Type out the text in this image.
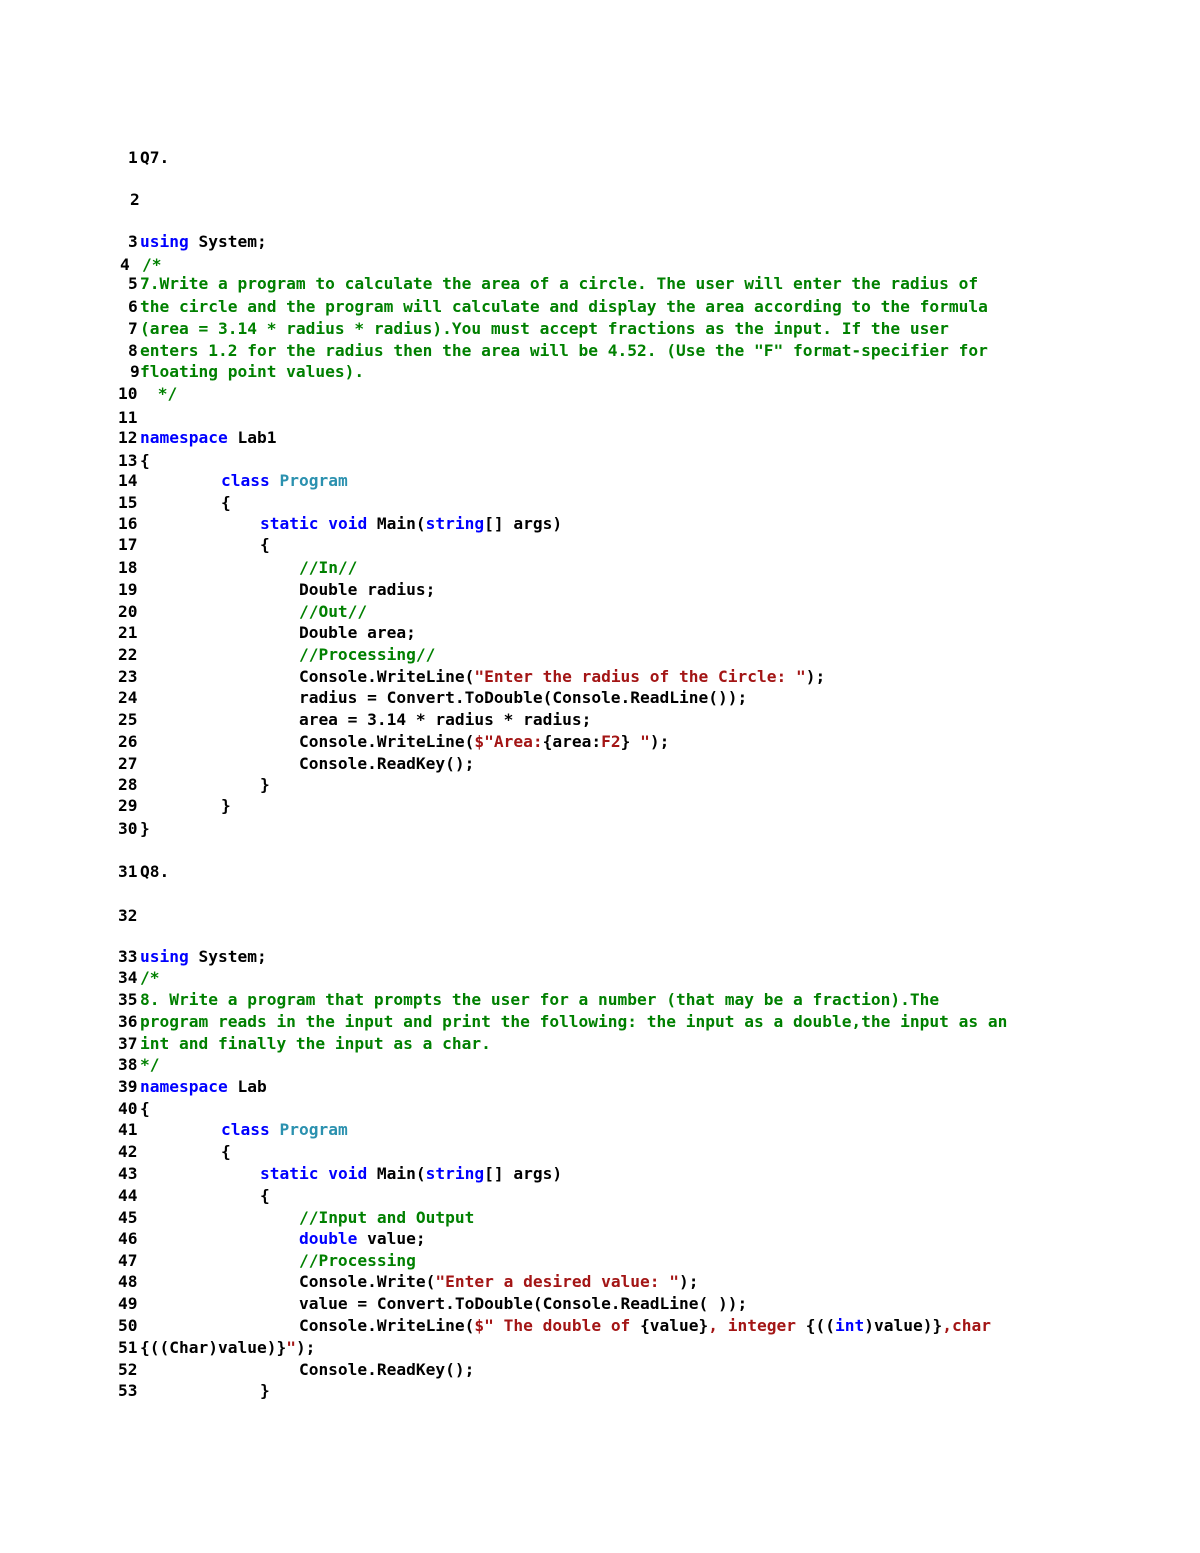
1 Q7.
2
3 using System;
4 /*
5 7.Write a program to calculate the area of a circle. The user will enter the radius of
6 the circle and the program will calculate and display the area according to the formula
7 (area = 3.14 * radius * radius).You must accept fractions as the input. If the user
8 enters 1.2 for the radius then the area will be 4.52. (Use the "F" format-specifier for
9floating point values).
10 */
11
12 namespace Lab1
13 {
14	class Program
15	{
16	static void Main(string[] args)
17	{
18	//In//
19	Double radius;
20	//Out//
21	Double area;
22	//Processing//
23	Console.WriteLine("Enter the radius of the Circle: ");
24	radius = Convert.ToDouble(Console.ReadLine());
25	area = 3.14 * radius * radius;
26	Console.WriteLine($"Area:{area:F2} ");
27	Console.ReadKey();
28	}
29	}
30 }
31 Q8.
32
33 using System;
34 /*
35 8. Write a program that prompts the user for a number (that may be a fraction).The
36 program reads in the input and print the following: the input as a double,the input as an
37 int and finally the input as a char.
38 */
39 namespace Lab
40 {
41	class Program
42	{
43	static void Main(string[] args)
44	{
45	//Input and Output
46	double value;
47	//Processing
48	Console.Write("Enter a desired value: ");
49	value = Convert.ToDouble(Console.ReadLine( ));
50	Console.WriteLine($" The double of {value}, integer {((int)value)},char
51 {((Char)value)}");
52	Console.ReadKey();
53	}
